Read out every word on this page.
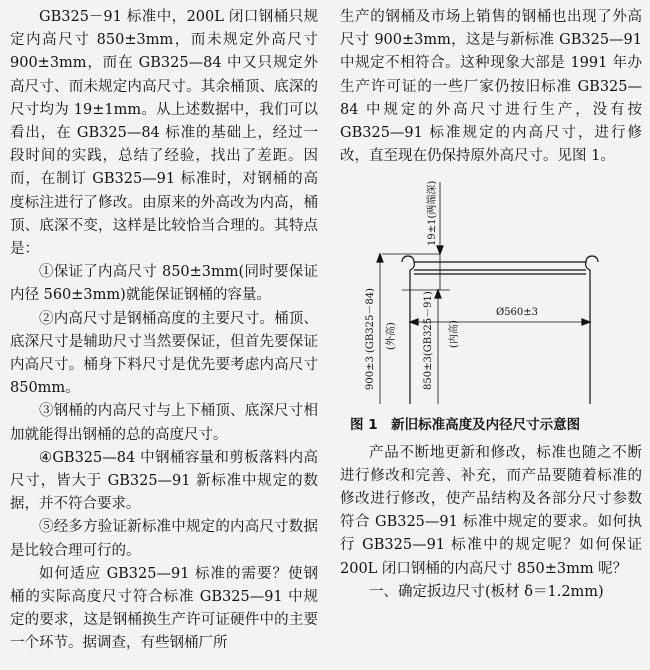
GB325－91 标准中，200L 闭口钢桶只规定内高尺寸 850±3mm，而未规定外高尺寸 900±3mm，而在 GB325—84 中又只规定外高尺寸、而未规定内高尺寸。其余桶顶、底深的尺寸均为 19±1mm。从上述数据中，我们可以看出，在 GB325—84 标准的基础上，经过一段时间的实践，总结了经验，找出了差距。因而，在制订 GB325—91 标准时，对钢桶的高度标注进行了修改。由原来的外高改为内高，桶顶、底深不变，这样是比较恰当合理的。其特点是：

①保证了内高尺寸 850±3mm(同时要保证内径 560±3mm)就能保证钢桶的容量。

②内高尺寸是钢桶高度的主要尺寸。桶顶、底深尺寸是辅助尺寸当然要保证，但首先要保证内高尺寸。桶身下料尺寸是优先要考虑内高尺寸 850mm。

③钢桶的内高尺寸与上下桶顶、底深尺寸相加就能得出钢桶的总的高度尺寸。

④GB325—84 中钢桶容量和剪板落料内高尺寸，皆大于 GB325—91 新标准中规定的数据，并不符合要求。

⑤经多方验证新标准中规定的内高尺寸数据是比较合理可行的。

如何适应 GB325—91 标准的需要？使钢桶的实际高度尺寸符合标准 GB325—91 中规定的要求，这是钢桶换生产许可证硬件中的主要一个环节。据调查，有些钢桶厂所

生产的钢桶及市场上销售的钢桶也出现了外高尺寸 900±3mm，这是与新标准 GB325—91 中规定不相符合。这种现象大部是 1991 年办生产许可证的一些厂家仍按旧标准 GB325—84 中规定的外高尺寸进行生产，没有按 GB325—91 标准规定的内高尺寸，进行修改，直至现在仍保持原外高尺寸。见图 1。

19±1(两端深)
900±3 (GB325－84) (外高)	850±3(GB325－91) (内高)
Ø560±3

图 1　新旧标准高度及内径尺寸示意图

产品不断地更新和修改，标准也随之不断进行修改和完善、补充，而产品要随着标准的修改进行修改，使产品结构及各部分尺寸参数符合 GB325—91 标准中规定的要求。如何执行 GB325—91 标准中的规定呢？如何保证 200L 闭口钢桶的内高尺寸 850±3mm 呢？

一、确定扳边尺寸(板材 δ＝1.2mm)
